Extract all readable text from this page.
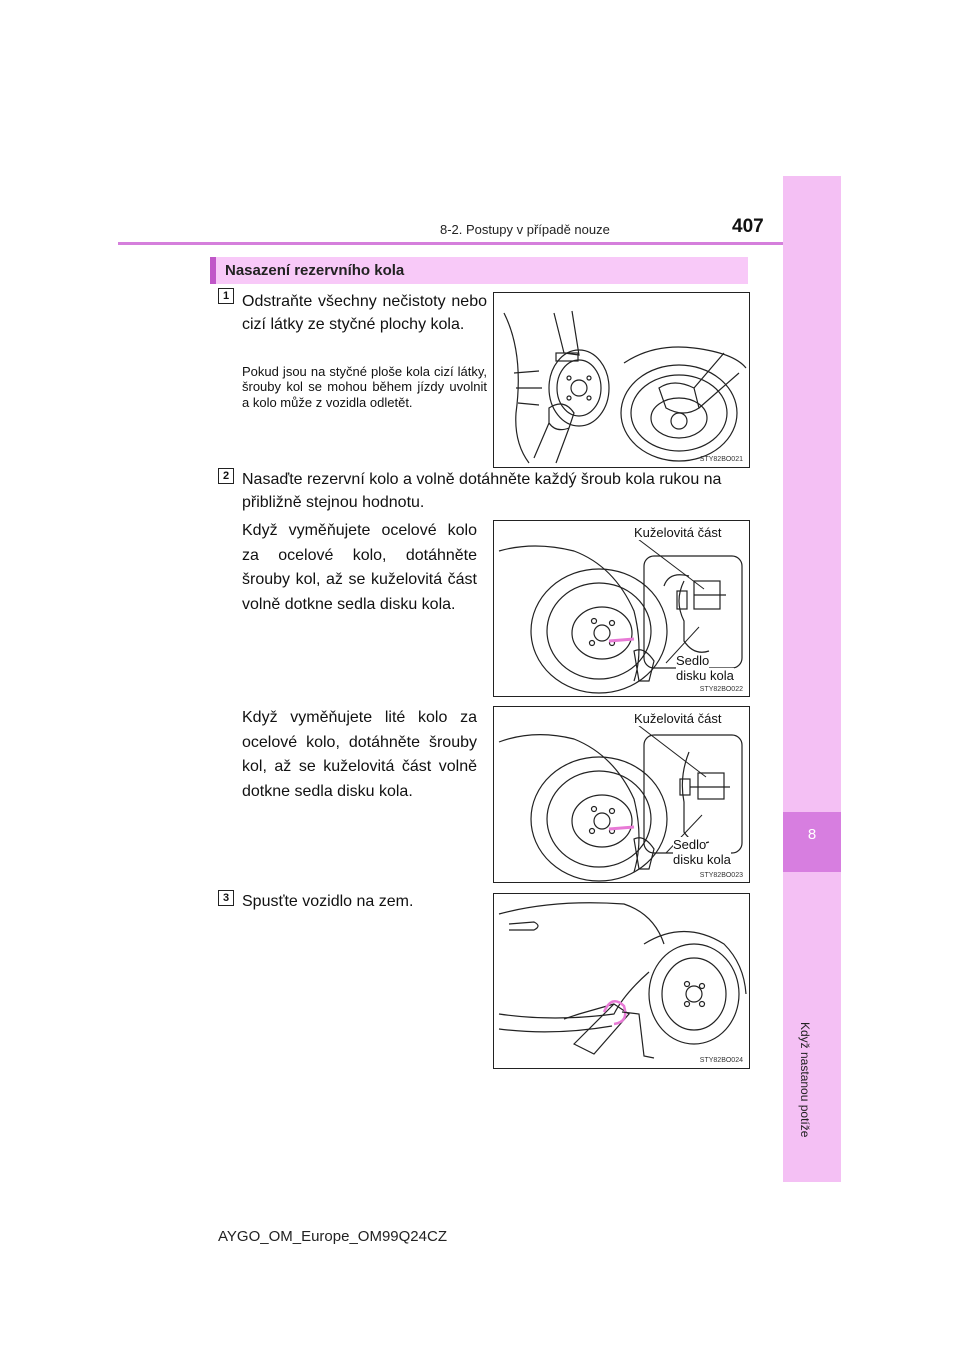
8
Když nastanou potíže
8-2. Postupy v případě nouze	407
Nasazení rezervního kola
1 Odstraňte všechny nečistoty nebo cizí látky ze styčné plochy kola.
Pokud jsou na styčné ploše kola cizí látky, šrouby kol se mohou během jízdy uvolnit a kolo může z vozidla odletět.
STY82BO021
2 Nasaďte rezervní kolo a volně dotáhněte každý šroub kola rukou na přibližně stejnou hodnotu.
Když vyměňujete ocelové kolo za ocelové kolo, dotáhněte šrouby kol, až se kuželovitá část volně dotkne sedla disku kola.
Kuželovitá část
Sedlo
disku kola
STY82BO022
Když vyměňujete lité kolo za ocelové kolo, dotáhněte šrouby kol, až se kuželovitá část volně dotkne sedla disku kola.
Kuželovitá část
Sedlo
disku kola
STY82BO023
3 Spusťte vozidlo na zem.
STY82BO024
AYGO_OM_Europe_OM99Q24CZ
